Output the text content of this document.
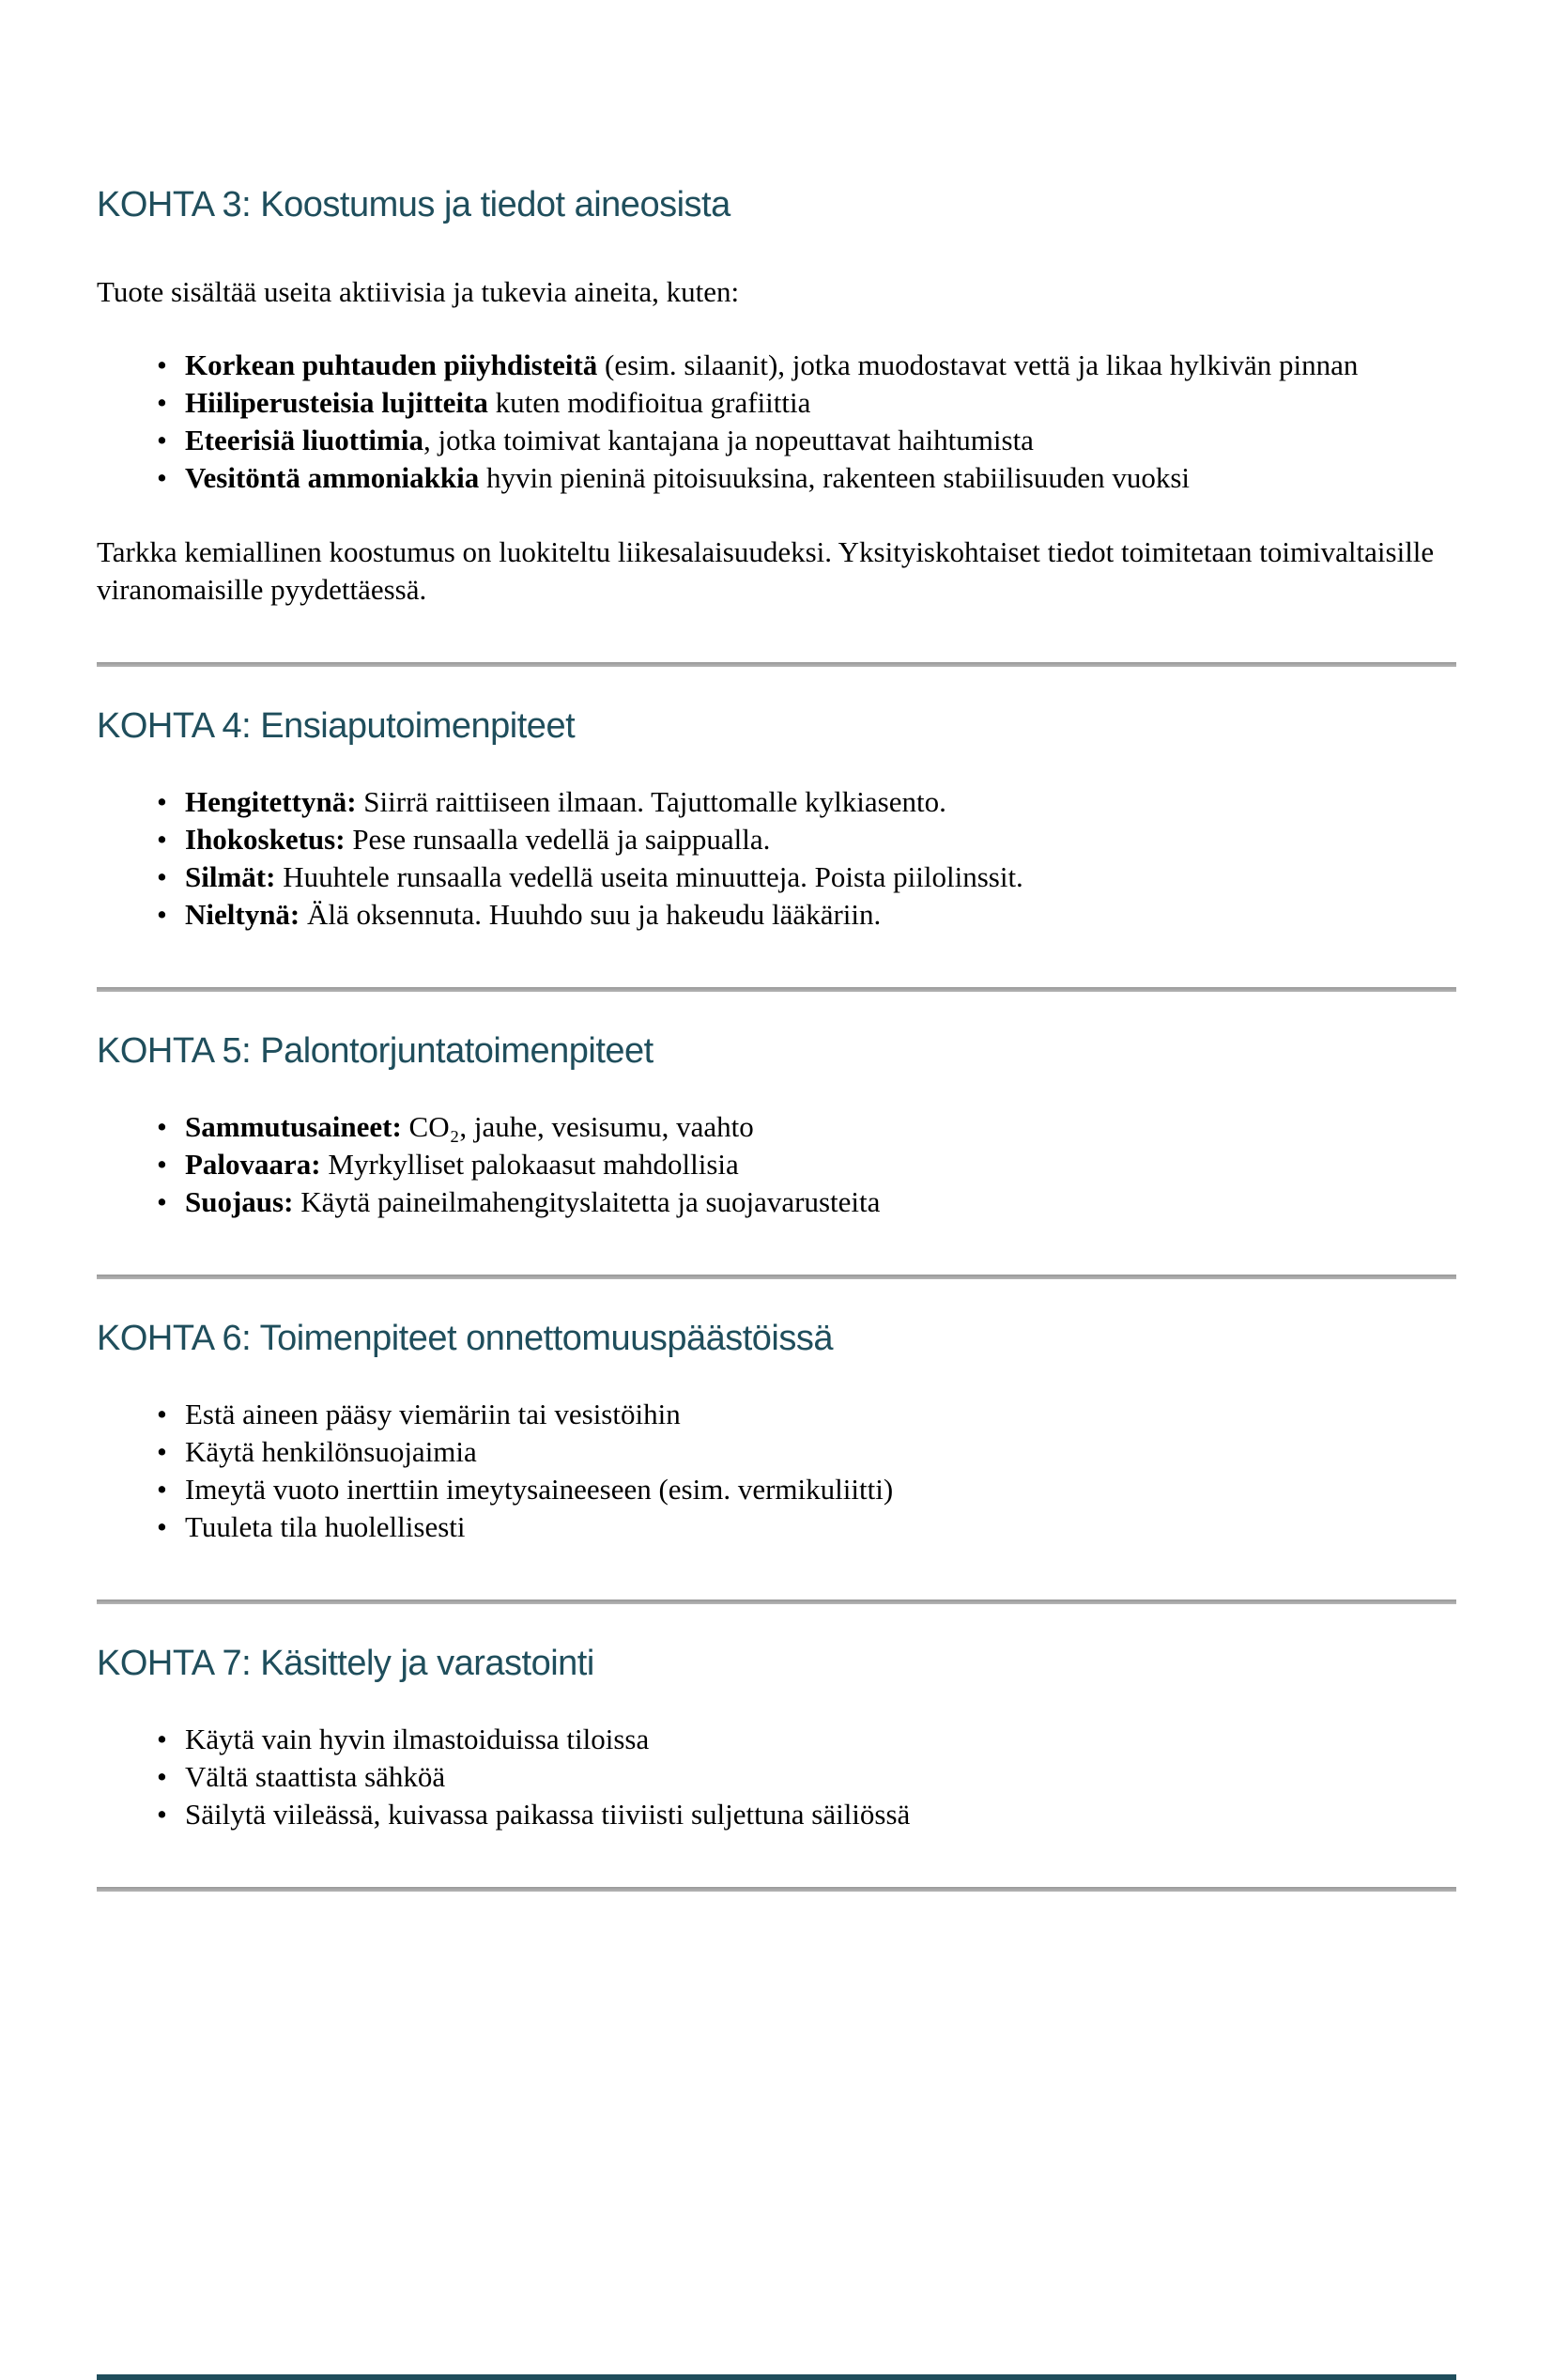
KOHTA 3: Koostumus ja tiedot aineosista

Tuote sisältää useita aktiivisia ja tukevia aineita, kuten:

• Korkean puhtauden piiyhdisteitä (esim. silaanit), jotka muodostavat vettä ja likaa hylkivän pinnan
• Hiiliperusteisia lujitteita kuten modifioitua grafiittia
• Eteerisiä liuottimia, jotka toimivat kantajana ja nopeuttavat haihtumista
• Vesitöntä ammoniakkia hyvin pieninä pitoisuuksina, rakenteen stabiilisuuden vuoksi

Tarkka kemiallinen koostumus on luokiteltu liikesalaisuudeksi. Yksityiskohtaiset tiedot toimitetaan toimivaltaisille viranomaisille pyydettäessä.

KOHTA 4: Ensiaputoimenpiteet
• Hengitettynä: Siirrä raittiiseen ilmaan. Tajuttomalle kylkiasento.
• Ihokosketus: Pese runsaalla vedellä ja saippualla.
• Silmät: Huuhtele runsaalla vedellä useita minuutteja. Poista piilolinssit.
• Nieltynä: Älä oksennuta. Huuhdo suu ja hakeudu lääkäriin.
KOHTA 5: Palontorjuntatoimenpiteet
• Sammutusaineet: CO₂, jauhe, vesisumu, vaahto
• Palovaara: Myrkylliset palokaasut mahdollisia
• Suojaus: Käytä paineilmahengityslaitetta ja suojavarusteita
KOHTA 6: Toimenpiteet onnettomuuspäästöissä
• Estä aineen pääsy viemäriin tai vesistöihin
• Käytä henkilönsuojaimia
• Imeytä vuoto inerttiin imeytysaineeseen (esim. vermikuliitti)
• Tuuleta tila huolellisesti
KOHTA 7: Käsittely ja varastointi
• Käytä vain hyvin ilmastoiduissa tiloissa
• Vältä staattista sähköä
• Säilytä viileässä, kuivassa paikassa tiiviisti suljettuna säiliössä
